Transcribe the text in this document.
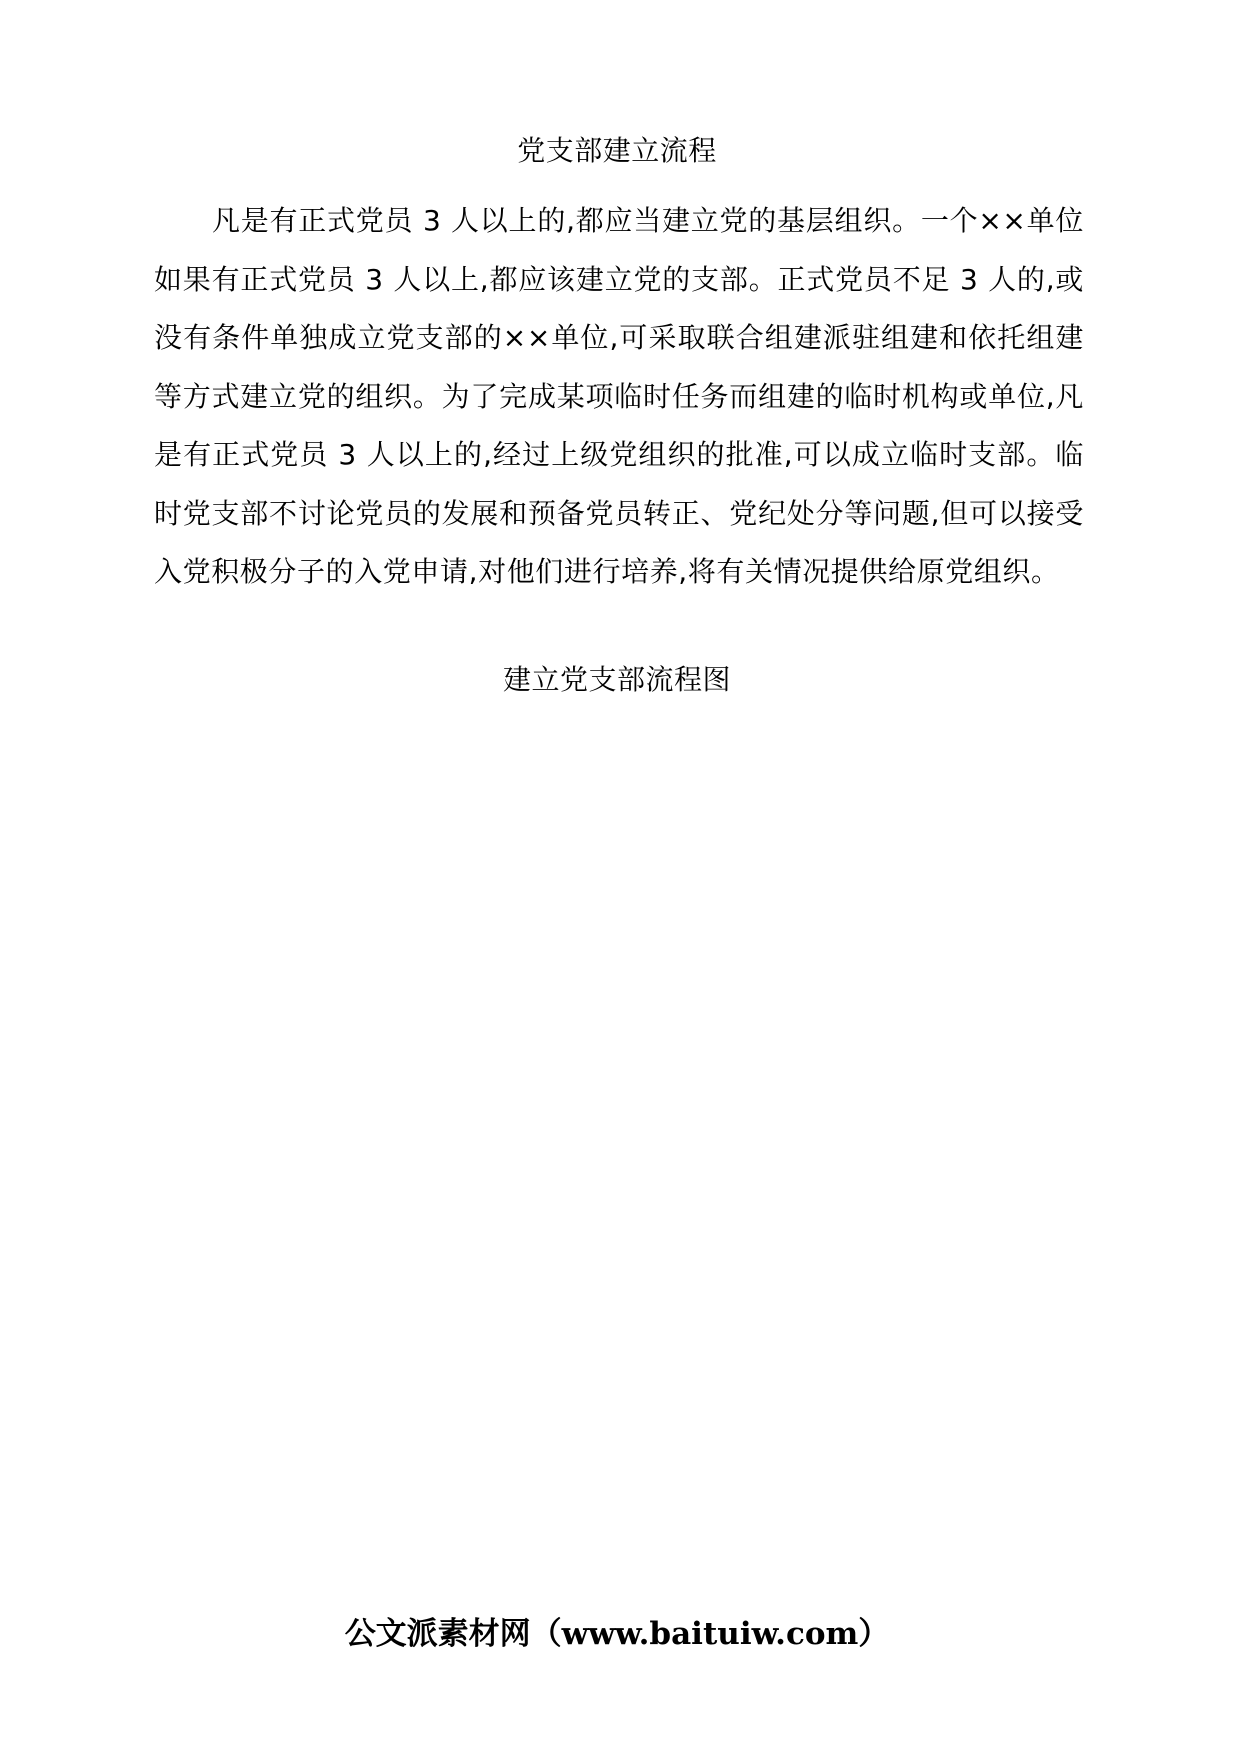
党支部建立流程

凡是有正式党员 3 人以上的,都应当建立党的基层组织。一个××单位如果有正式党员 3 人以上,都应该建立党的支部。正式党员不足 3 人的,或没有条件单独成立党支部的××单位,可采取联合组建派驻组建和依托组建等方式建立党的组织。为了完成某项临时任务而组建的临时机构或单位,凡是有正式党员 3 人以上的,经过上级党组织的批准,可以成立临时支部。临时党支部不讨论党员的发展和预备党员转正、党纪处分等问题,但可以接受入党积极分子的入党申请,对他们进行培养,将有关情况提供给原党组织。

建立党支部流程图
公文派素材网（www.baituiw.com）
